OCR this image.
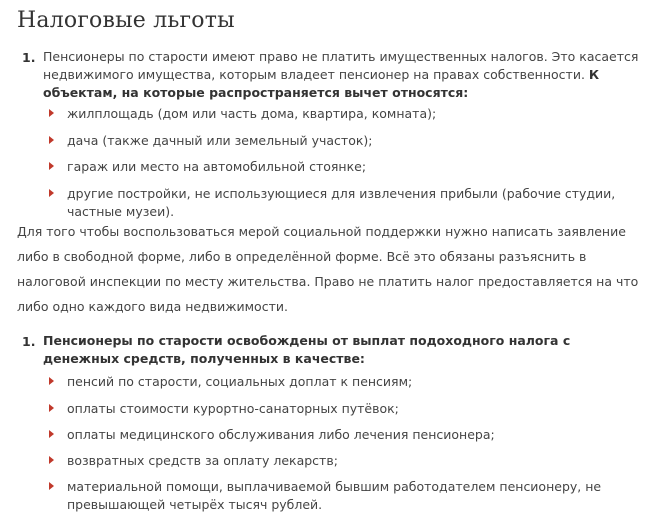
Налоговые льготы
1. Пенсионеры по старости имеют право не платить имущественных налогов. Это касается недвижимого имущества, которым владеет пенсионер на правах собственности. К объектам, на которые распространяется вычет относятся:
жилплощадь (дом или часть дома, квартира, комната);
дача (также дачный или земельный участок);
гараж или место на автомобильной стоянке;
другие постройки, не использующиеся для извлечения прибыли (рабочие студии, частные музеи).
Для того чтобы воспользоваться мерой социальной поддержки нужно написать заявление либо в свободной форме, либо в определённой форме. Всё это обязаны разъяснить в налоговой инспекции по месту жительства. Право не платить налог предоставляется на что либо одно каждого вида недвижимости.
1. Пенсионеры по старости освобождены от выплат подоходного налога с денежных средств, полученных в качестве:
пенсий по старости, социальных доплат к пенсиям;
оплаты стоимости курортно-санаторных путёвок;
оплаты медицинского обслуживания либо лечения пенсионера;
возвратных средств за оплату лекарств;
материальной помощи, выплачиваемой бывшим работодателем пенсионеру, не превышающей четырёх тысяч рублей.
